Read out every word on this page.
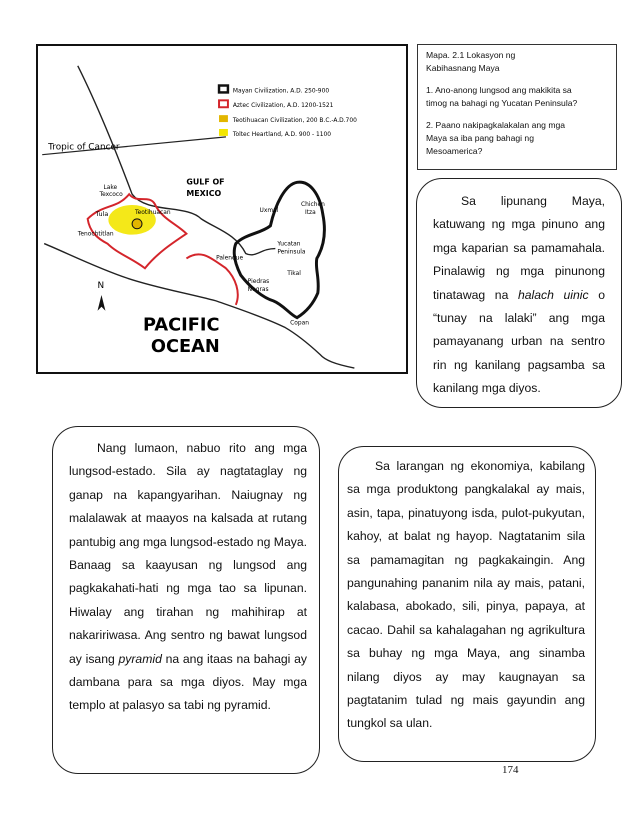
Mayan Civilization, A.D. 250-900
Aztec Civilization, A.D. 1200-1521
Teotihuacan Civilization, 200 B.C.-A.D.700
Toltec Heartland, A.D. 900 - 1100
Tropic of Cancer
GULF OF
MEXICO
Lake
Texcoco
Tula	Teotihuacan
Tenochtitlan
Uxmal
Chichen
Itza
Yucatan
Peninsula
Palenque
Piedras
Negras
Tikal
Copan
N
PACIFIC
OCEAN

Mapa. 2.1 Lokasyon ng

Kabihasnang Maya

1. Ano-anong lungsod ang makikita sa

timog na bahagi ng Yucatan Peninsula?

2. Paano nakipagkalakalan ang mga

Maya sa iba pang bahagi ng

Mesoamerica?

Sa lipunang Maya, katuwang ng mga pinuno ang mga kaparian sa pamamahala. Pinalawig ng mga pinunong tinatawag na halach uinic o “tunay na lalaki” ang mga pamayanang urban na sentro rin ng kanilang pagsamba sa kanilang mga diyos.

Nang lumaon, nabuo rito ang mga lungsod-estado. Sila ay nagtataglay ng ganap na kapangyarihan. Naiugnay ng malalawak at maayos na kalsada at rutang pantubig ang mga lungsod-estado ng Maya. Banaag sa kaayusan ng lungsod ang pagkakahati-hati ng mga tao sa lipunan. Hiwalay ang tirahan ng mahihirap at nakaririwasa. Ang sentro ng bawat lungsod ay isang pyramid na ang itaas na bahagi ay dambana para sa mga diyos. May mga templo at palasyo sa tabi ng pyramid.

Sa larangan ng ekonomiya, kabilang sa mga produktong pangkalakal ay mais, asin, tapa, pinatuyong isda, pulot-pukyutan, kahoy, at balat ng hayop. Nagtatanim sila sa pamamagitan ng pagkakaingin. Ang pangunahing pananim nila ay mais, patani, kalabasa, abokado, sili, pinya, papaya, at cacao. Dahil sa kahalagahan ng agrikultura sa buhay ng mga Maya, ang sinamba nilang diyos ay may kaugnayan sa pagtatanim tulad ng mais gayundin ang tungkol sa ulan.

174
